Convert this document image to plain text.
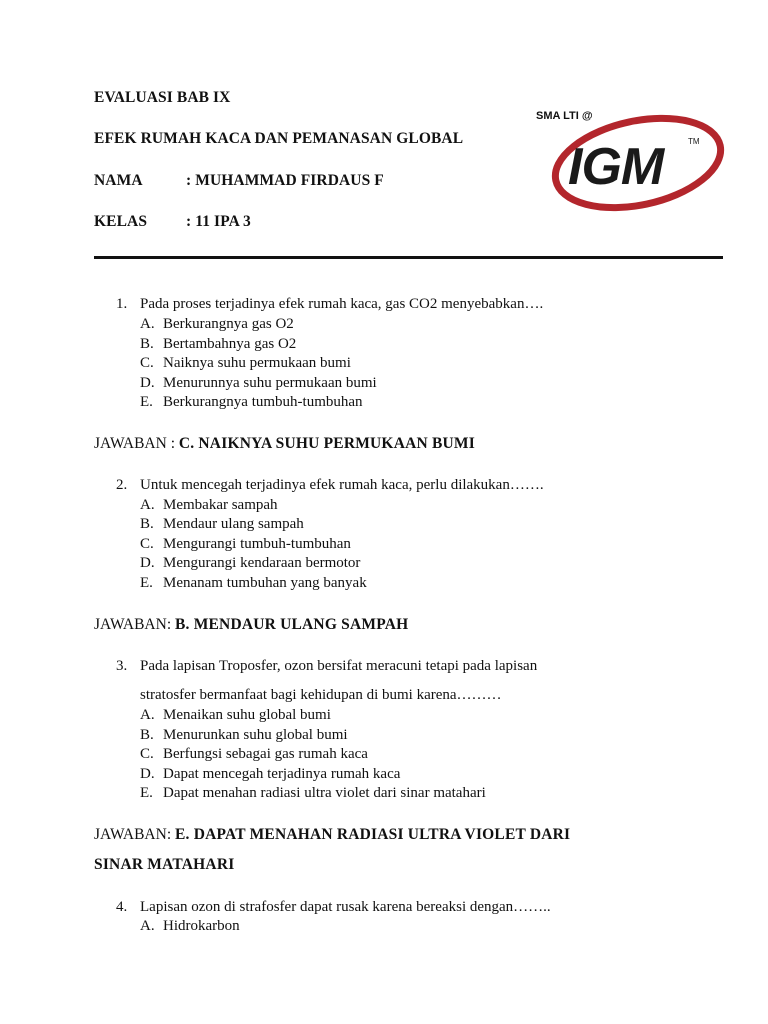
EVALUASI BAB IX
EFEK RUMAH KACA DAN PEMANASAN GLOBAL
NAMA	: MUHAMMAD FIRDAUS F
KELAS	: 11 IPA 3
IGM	TM
SMA LTI @
1. Pada proses terjadinya efek rumah kaca, gas CO2 menyebabkan….
A. Berkurangnya gas O2
B. Bertambahnya gas O2
C. Naiknya suhu permukaan bumi
D. Menurunnya suhu permukaan bumi
E. Berkurangnya tumbuh-tumbuhan
JAWABAN : C. NAIKNYA SUHU PERMUKAAN BUMI
2. Untuk mencegah terjadinya efek rumah kaca, perlu dilakukan…….
A. Membakar sampah
B. Mendaur ulang sampah
C. Mengurangi tumbuh-tumbuhan
D. Mengurangi kendaraan bermotor
E. Menanam tumbuhan yang banyak
JAWABAN: B. MENDAUR ULANG SAMPAH
3. Pada lapisan Troposfer, ozon bersifat meracuni tetapi pada lapisan
stratosfer bermanfaat bagi kehidupan di bumi karena………
A. Menaikan suhu global bumi
B. Menurunkan suhu global bumi
C. Berfungsi sebagai gas rumah kaca
D. Dapat mencegah terjadinya rumah kaca
E. Dapat menahan radiasi ultra violet dari sinar matahari
JAWABAN: E. DAPAT MENAHAN RADIASI ULTRA VIOLET DARI
SINAR MATAHARI
4. Lapisan ozon di strafosfer dapat rusak karena bereaksi dengan……..
A. Hidrokarbon
